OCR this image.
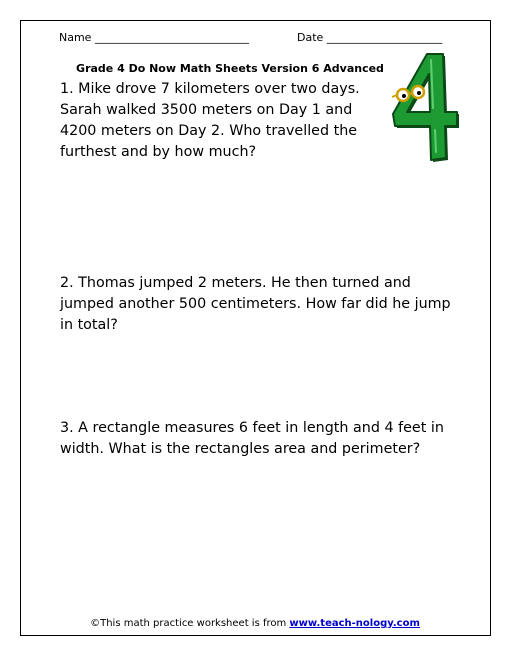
Name ____________________________	Date _____________________
Grade 4 Do Now Math Sheets Version 6 Advanced
1. Mike drove 7 kilometers over two days. Sarah walked 3500 meters on Day 1 and 4200 meters on Day 2. Who travelled the furthest and by how much?
2. Thomas jumped 2 meters. He then turned and jumped another 500 centimeters. How far did he jump in total?
3. A rectangle measures 6 feet in length and 4 feet in width. What is the rectangles area and perimeter?
©This math practice worksheet is from www.teach-nology.com
